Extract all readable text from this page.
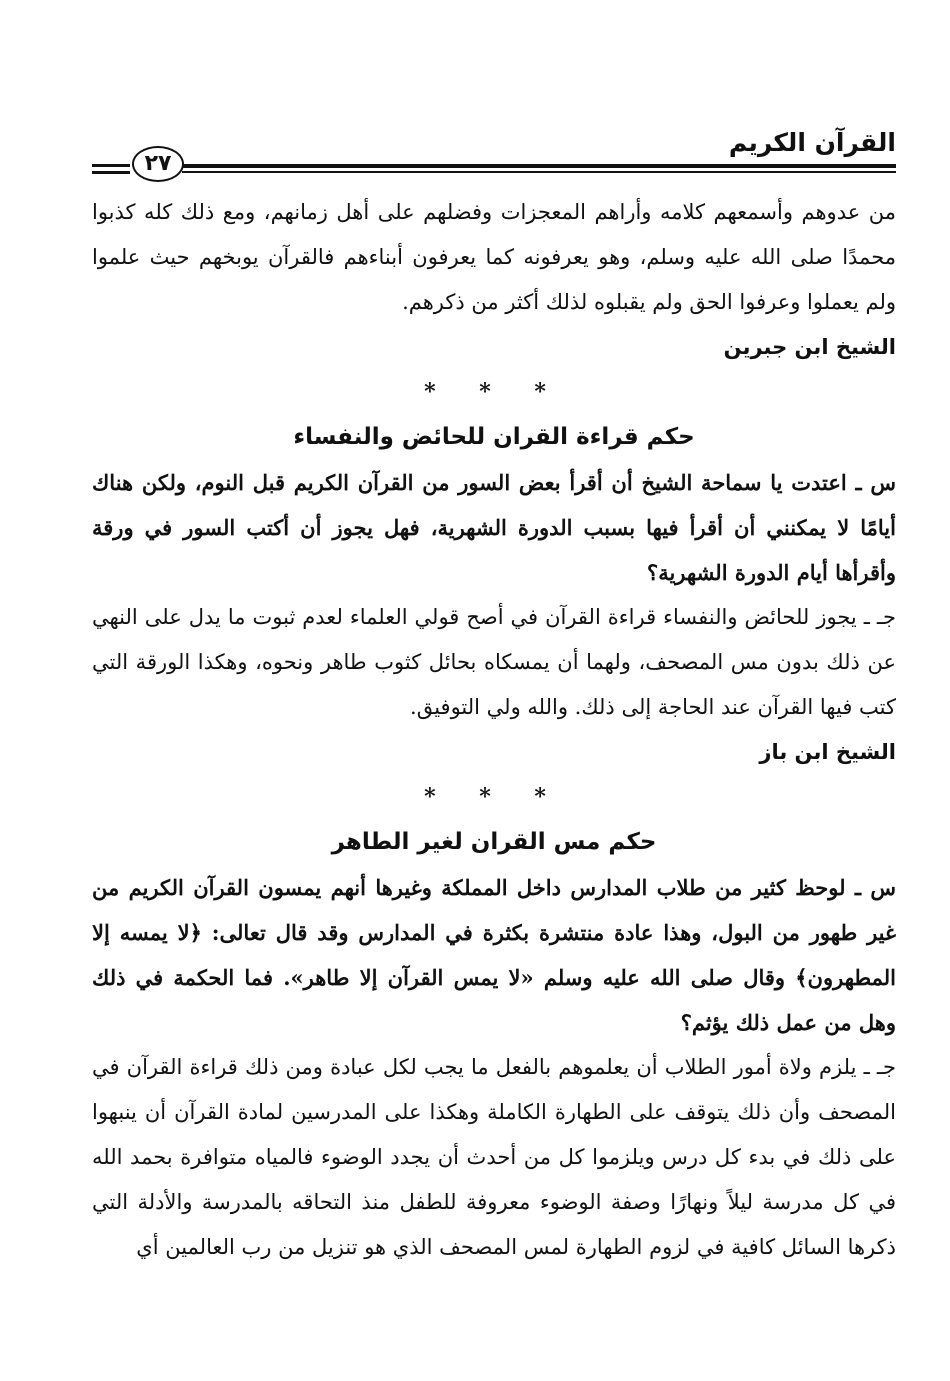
القرآن الكريم
٢٧

من عدوهم وأسمعهم كلامه وأراهم المعجزات وفضلهم على أهل زمانهم، ومع ذلك كله كذبوا محمدًا صلى الله عليه وسلم، وهو يعرفونه كما يعرفون أبناءهم فالقرآن يوبخهم حيث علموا ولم يعملوا وعرفوا الحق ولم يقبلوه لذلك أكثر من ذكرهم.

الشيخ ابن جبرين

* * *

حكم قراءة القران للحائض والنفساء

س ـ اعتدت يا سماحة الشيخ أن أقرأ بعض السور من القرآن الكريم قبل النوم، ولكن هناك أيامًا لا يمكنني أن أقرأ فيها بسبب الدورة الشهرية، فهل يجوز أن أكتب السور في ورقة وأقرأها أيام الدورة الشهرية؟

جـ ـ يجوز للحائض والنفساء قراءة القرآن في أصح قولي العلماء لعدم ثبوت ما يدل على النهي عن ذلك بدون مس المصحف، ولهما أن يمسكاه بحائل كثوب طاهر ونحوه، وهكذا الورقة التي كتب فيها القرآن عند الحاجة إلى ذلك. والله ولي التوفيق.

الشيخ ابن باز

* * *

حكم مس القران لغير الطاهر

س ـ لوحظ كثير من طلاب المدارس داخل المملكة وغيرها أنهم يمسون القرآن الكريم من غير طهور من البول، وهذا عادة منتشرة بكثرة في المدارس وقد قال تعالى: ﴿لا يمسه إلا المطهرون﴾ وقال صلى الله عليه وسلم «لا يمس القرآن إلا طاهر». فما الحكمة في ذلك وهل من عمل ذلك يؤثم؟

جـ ـ يلزم ولاة أمور الطلاب أن يعلموهم بالفعل ما يجب لكل عبادة ومن ذلك قراءة القرآن في المصحف وأن ذلك يتوقف على الطهارة الكاملة وهكذا على المدرسين لمادة القرآن أن ينبهوا على ذلك في بدء كل درس ويلزموا كل من أحدث أن يجدد الوضوء فالمياه متوافرة بحمد الله في كل مدرسة ليلاً ونهارًا وصفة الوضوء معروفة للطفل منذ التحاقه بالمدرسة والأدلة التي ذكرها السائل كافية في لزوم الطهارة لمس المصحف الذي هو تنزيل من رب العالمين أي
